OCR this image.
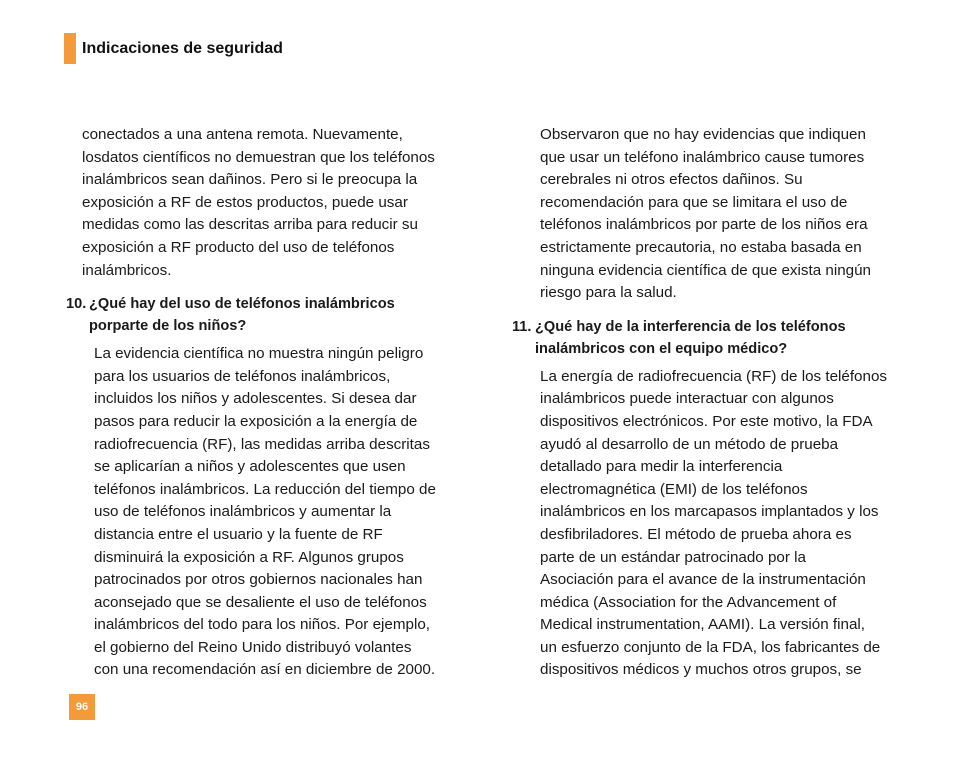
Indicaciones de seguridad

conectados a una antena remota. Nuevamente,
losdatos científicos no demuestran que los teléfonos
inalámbricos sean dañinos. Pero si le preocupa la
exposición a RF de estos productos, puede usar
medidas como las descritas arriba para reducir su
exposición a RF producto del uso de teléfonos
inalámbricos.

10. ¿Qué hay del uso de teléfonos inalámbricos
porparte de los niños?

La evidencia científica no muestra ningún peligro
para los usuarios de teléfonos inalámbricos,
incluidos los niños y adolescentes. Si desea dar
pasos para reducir la exposición a la energía de
radiofrecuencia (RF), las medidas arriba descritas
se aplicarían a niños y adolescentes que usen
teléfonos inalámbricos. La reducción del tiempo de
uso de teléfonos inalámbricos y aumentar la
distancia entre el usuario y la fuente de RF
disminuirá la exposición a RF. Algunos grupos
patrocinados por otros gobiernos nacionales han
aconsejado que se desaliente el uso de teléfonos
inalámbricos del todo para los niños. Por ejemplo,
el gobierno del Reino Unido distribuyó volantes
con una recomendación así en diciembre de 2000.

Observaron que no hay evidencias que indiquen
que usar un teléfono inalámbrico cause tumores
cerebrales ni otros efectos dañinos. Su
recomendación para que se limitara el uso de
teléfonos inalámbricos por parte de los niños era
estrictamente precautoria, no estaba basada en
ninguna evidencia científica de que exista ningún
riesgo para la salud.

11. ¿Qué hay de la interferencia de los teléfonos
inalámbricos con el equipo médico?

La energía de radiofrecuencia (RF) de los teléfonos
inalámbricos puede interactuar con algunos
dispositivos electrónicos. Por este motivo, la FDA
ayudó al desarrollo de un método de prueba
detallado para medir la interferencia
electromagnética (EMI) de los teléfonos
inalámbricos en los marcapasos implantados y los
desfibriladores. El método de prueba ahora es
parte de un estándar patrocinado por la
Asociación para el avance de la instrumentación
médica (Association for the Advancement of
Medical instrumentation, AAMI). La versión final,
un esfuerzo conjunto de la FDA, los fabricantes de
dispositivos médicos y muchos otros grupos, se

96
